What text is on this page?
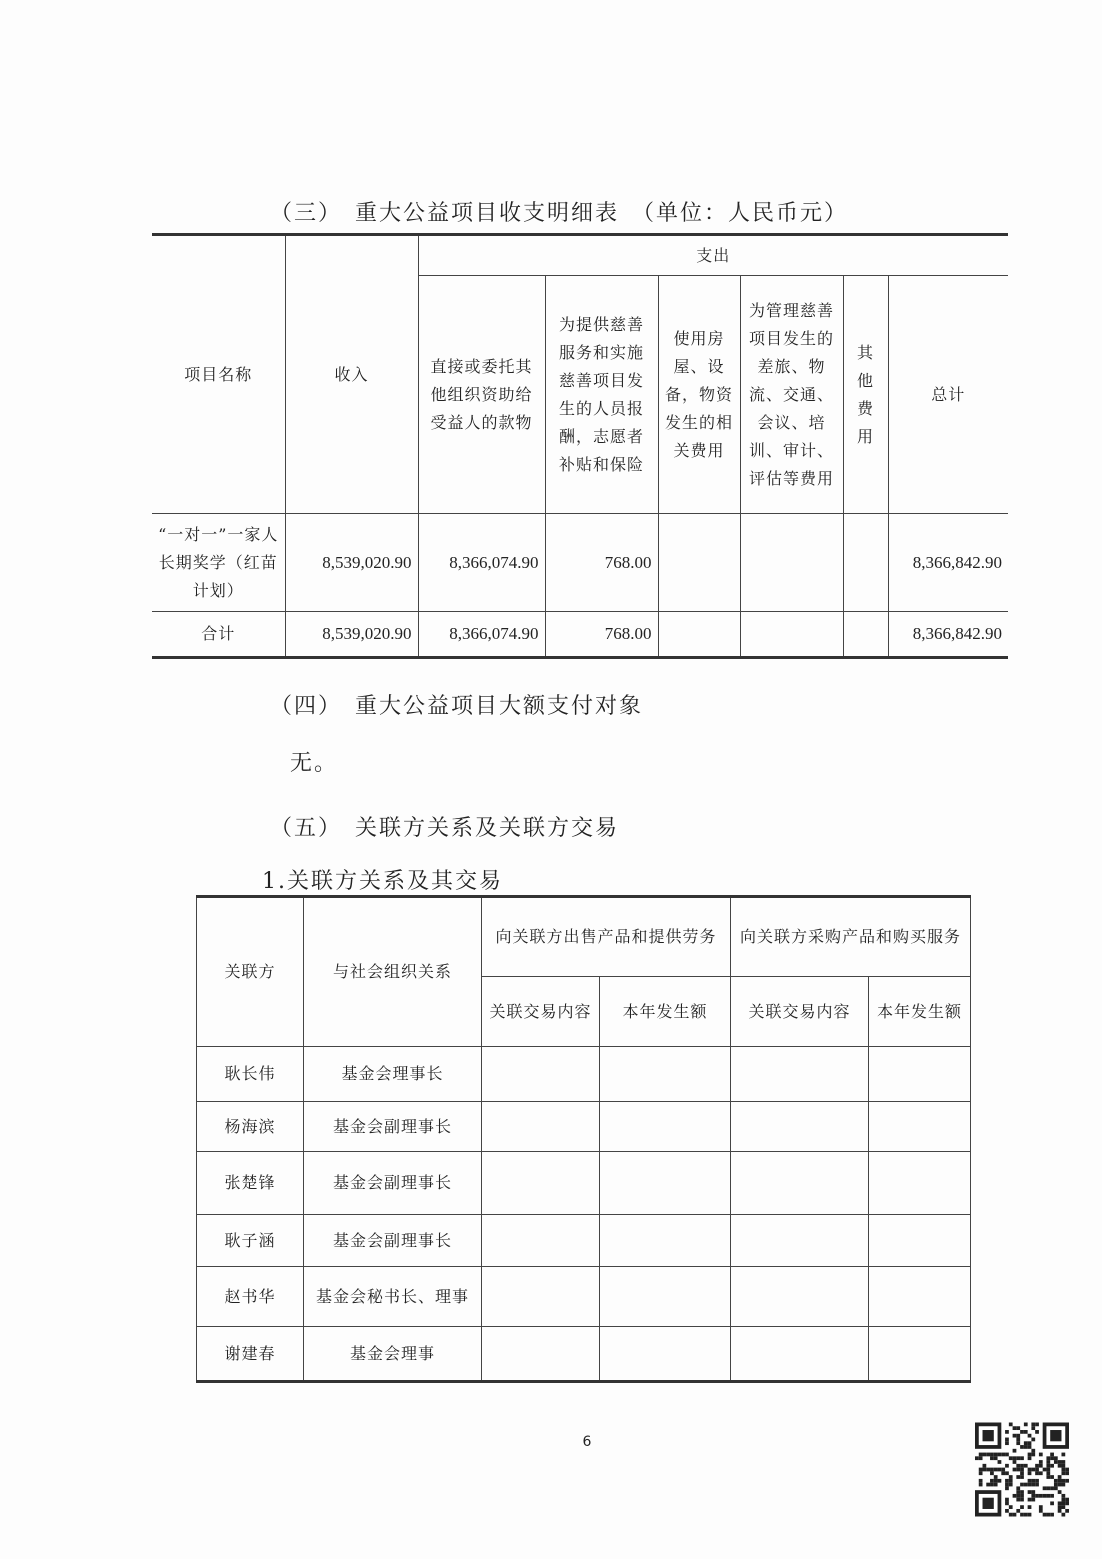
（三）　重大公益项目收支明细表　（单位：人民币元）
项目名称	收入	支出					
		直接或委托其他组织资助给受益人的款物	为提供慈善服务和实施慈善项目发生的人员报酬，志愿者补贴和保险	使用房屋、设备，物资发生的相关费用	为管理慈善项目发生的差旅、物流、交通、会议、培训、审计、评估等费用	其他费用	总计
“一对一”一家人长期奖学（红苗计划）	8,539,020.90	8,366,074.90	768.00				8,366,842.90
合计	8,539,020.90	8,366,074.90	768.00				8,366,842.90
（四）　重大公益项目大额支付对象
无。
（五）　关联方关系及关联方交易
1.关联方关系及其交易
关联方	与社会组织关系	向关联方出售产品和提供劳务		向关联方采购产品和购买服务	
		关联交易内容	本年发生额	关联交易内容	本年发生额
耿长伟	基金会理事长				
杨海滨	基金会副理事长				
张楚锋	基金会副理事长				
耿子涵	基金会副理事长				
赵书华	基金会秘书长、理事				
谢建春	基金会理事				
6
